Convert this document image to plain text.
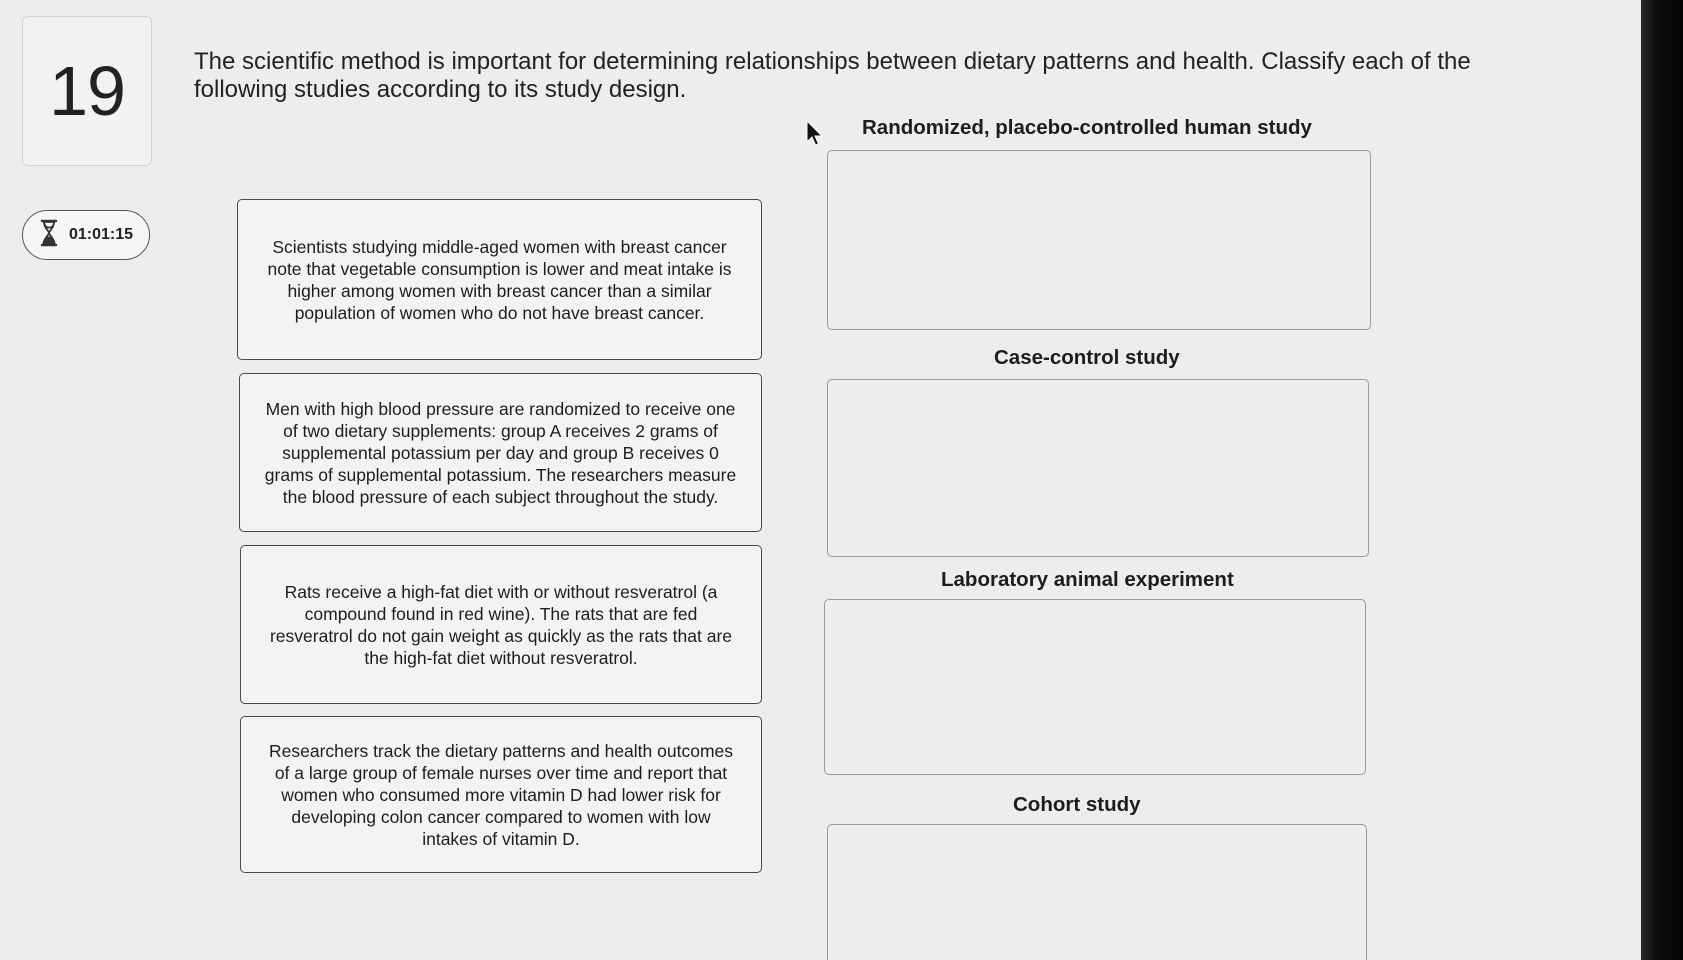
19
01:01:15
The scientific method is important for determining relationships between dietary patterns and health. Classify each of the following studies according to its study design.
Scientists studying middle-aged women with breast cancer note that vegetable consumption is lower and meat intake is higher among women with breast cancer than a similar population of women who do not have breast cancer.
Men with high blood pressure are randomized to receive one of two dietary supplements: group A receives 2 grams of supplemental potassium per day and group B receives 0 grams of supplemental potassium. The researchers measure the blood pressure of each subject throughout the study.
Rats receive a high-fat diet with or without resveratrol (a compound found in red wine). The rats that are fed resveratrol do not gain weight as quickly as the rats that are the high-fat diet without resveratrol.
Researchers track the dietary patterns and health outcomes of a large group of female nurses over time and report that women who consumed more vitamin D had lower risk for developing colon cancer compared to women with low intakes of vitamin D.
Randomized, placebo-controlled human study
Case-control study
Laboratory animal experiment
Cohort study
